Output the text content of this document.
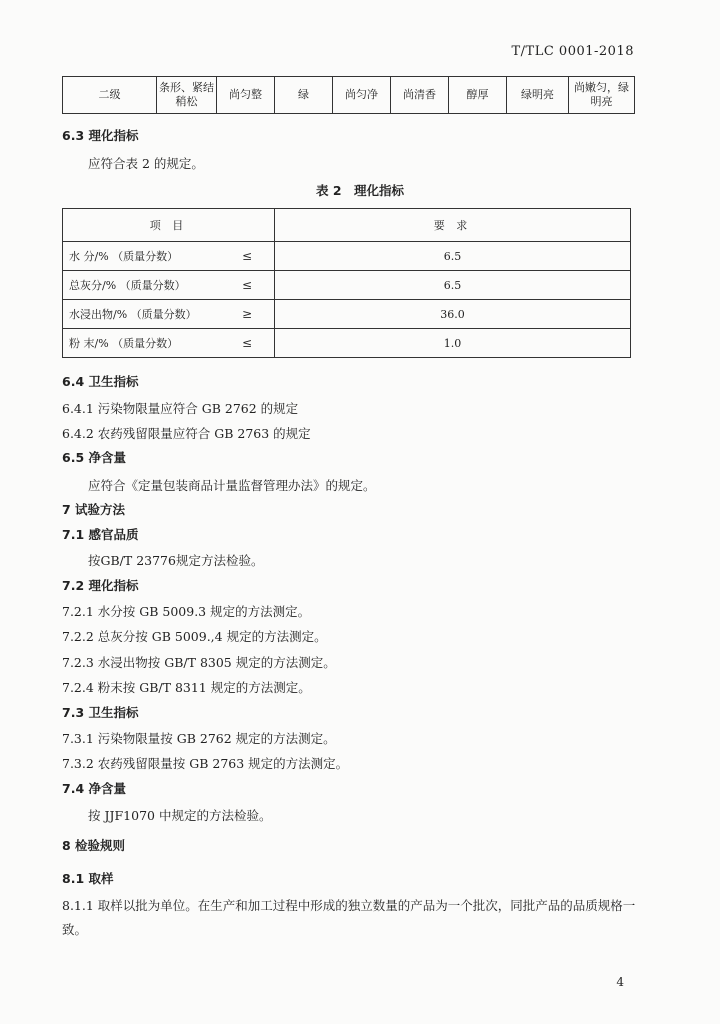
T/TLC 0001-2018
二级	条形、紧结稍松	尚匀整	绿	尚匀净	尚清香	醇厚	绿明亮	尚嫩匀，绿明亮
6.3 理化指标
应符合表 2 的规定。
表 2　理化指标
项 目	要 求
水 分/% （质量分数） ≤	6.5
总灰分/% （质量分数） ≤	6.5
水浸出物/% （质量分数） ≥	36.0
粉 末/% （质量分数） ≤	1.0
6.4 卫生指标
6.4.1 污染物限量应符合 GB 2762 的规定
6.4.2 农药残留限量应符合 GB 2763 的规定
6.5 净含量
应符合《定量包装商品计量监督管理办法》的规定。
7 试验方法
7.1 感官品质
按GB/T 23776规定方法检验。
7.2 理化指标
7.2.1 水分按 GB 5009.3 规定的方法测定。
7.2.2 总灰分按 GB 5009.,4 规定的方法测定。
7.2.3 水浸出物按 GB/T 8305 规定的方法测定。
7.2.4 粉末按 GB/T 8311 规定的方法测定。
7.3 卫生指标
7.3.1 污染物限量按 GB 2762 规定的方法测定。
7.3.2 农药残留限量按 GB 2763 规定的方法测定。
7.4 净含量
按 JJF1070 中规定的方法检验。
8 检验规则
8.1 取样
8.1.1 取样以批为单位。在生产和加工过程中形成的独立数量的产品为一个批次，同批产品的品质规格一致。
4
